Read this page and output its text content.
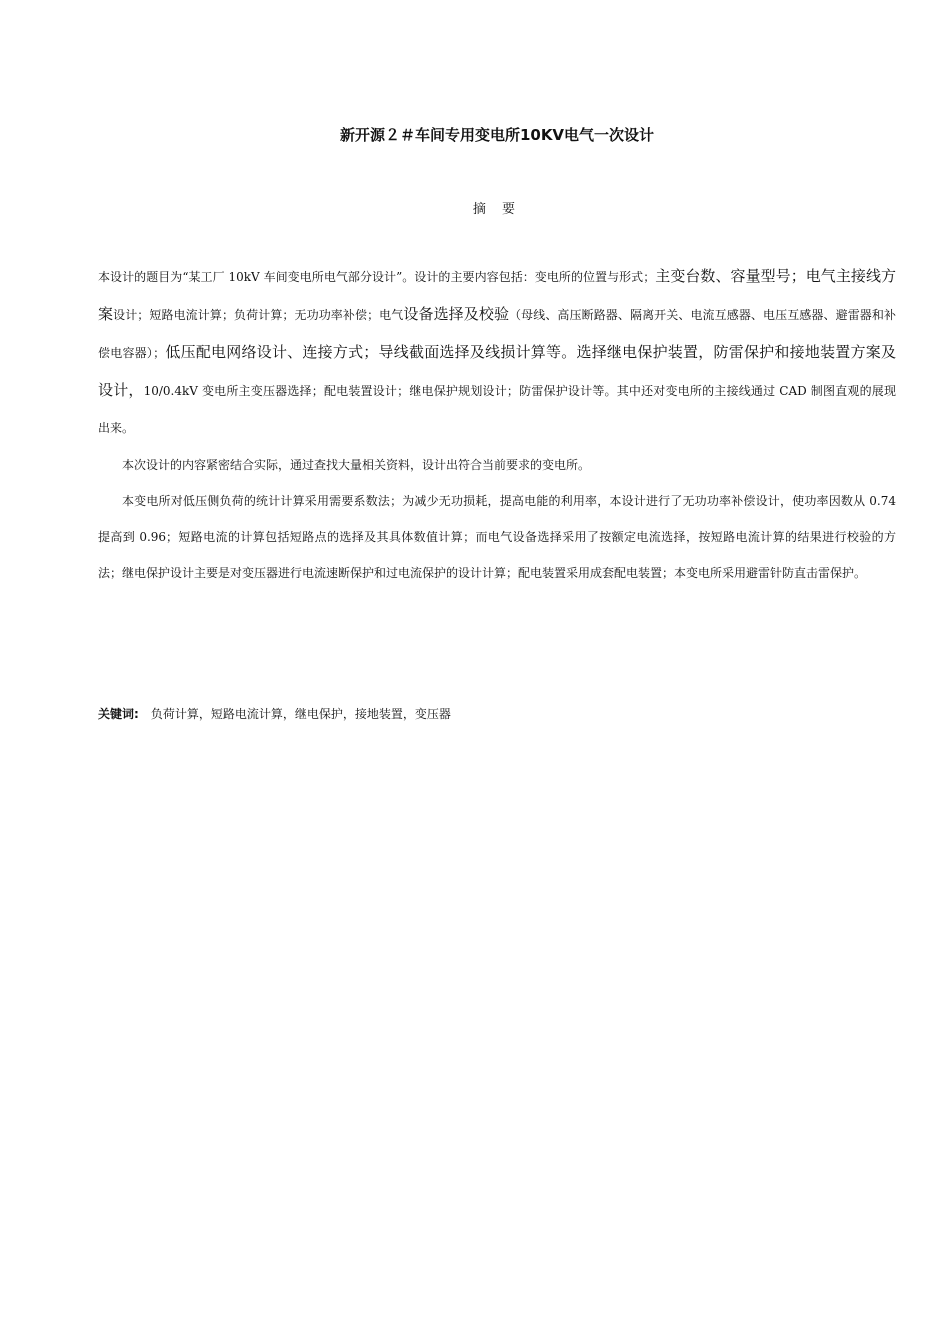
新开源２＃车间专用变电所10KV电气一次设计
摘 要

本设计的题目为“某工厂 10kV 车间变电所电气部分设计”。设计的主要内容包括：变电所的位置与形式；主变台数、容量型号；电气主接线方案设计；短路电流计算；负荷计算；无功功率补偿；电气设备选择及校验（母线、高压断路器、隔离开关、电流互感器、电压互感器、避雷器和补偿电容器）；低压配电网络设计、连接方式；导线截面选择及线损计算等。选择继电保护装置，防雷保护和接地装置方案及设计，10/0.4kV 变电所主变压器选择；配电装置设计；继电保护规划设计；防雷保护设计等。其中还对变电所的主接线通过 CAD 制图直观的展现出来。

本次设计的内容紧密结合实际，通过查找大量相关资料，设计出符合当前要求的变电所。

本变电所对低压侧负荷的统计计算采用需要系数法；为减少无功损耗，提高电能的利用率，本设计进行了无功功率补偿设计，使功率因数从 0.74 提高到 0.96；短路电流的计算包括短路点的选择及其具体数值计算；而电气设备选择采用了按额定电流选择，按短路电流计算的结果进行校验的方法；继电保护设计主要是对变压器进行电流速断保护和过电流保护的设计计算；配电装置采用成套配电装置；本变电所采用避雷针防直击雷保护。

关键词: 负荷计算，短路电流计算，继电保护，接地装置，变压器
